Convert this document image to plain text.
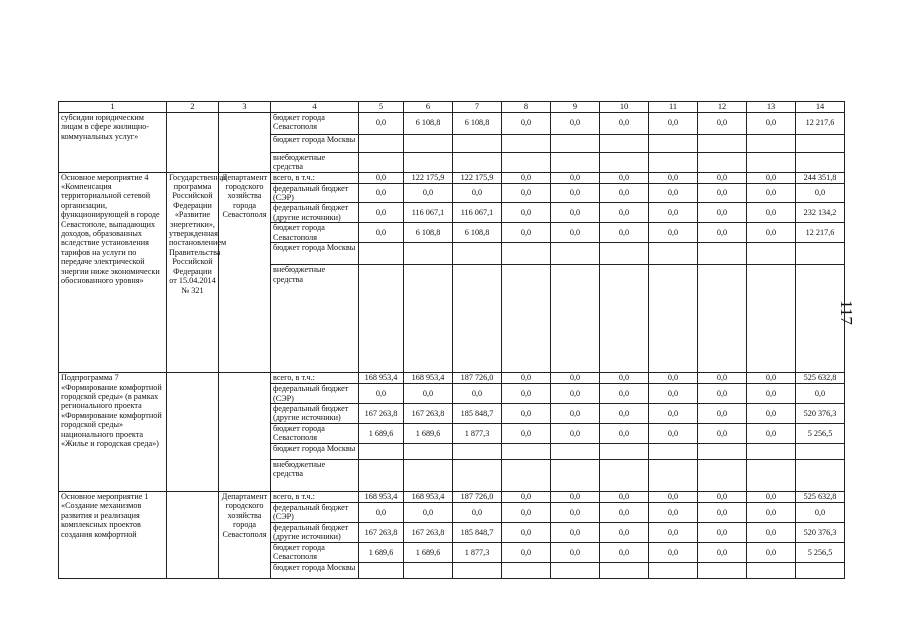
117
1	2	3	4	5	6	7	8	9	10	11	12	13	14
субсидии юридическим лицам в сфере жилищно-коммунальных услуг»			бюджет города Севастополя	0,0	6 108,8	6 108,8	0,0	0,0	0,0	0,0	0,0	0,0	12 217,6
			бюджет города Москвы										
			внебюджетные средства										
Основное мероприятие 4 «Компенсация территориальной сетевой организации, функционирующей в городе Севастополе, выпадающих доходов, образованных вследствие установления тарифов на услуги по передаче электрической энергии ниже экономически обоснованного уровня»	Государственная программа Российской Федерации «Развитие энергетики», утвержденная постановлением Правительства Российской Федерации от 15.04.2014 № 321	Департамент городского хозяйства города Севастополя	всего, в т.ч.:	0,0	122 175,9	122 175,9	0,0	0,0	0,0	0,0	0,0	0,0	244 351,8
			федеральный бюджет (СЭР)	0,0	0,0	0,0	0,0	0,0	0,0	0,0	0,0	0,0	0,0
			федеральный бюджет (другие источники)	0,0	116 067,1	116 067,1	0,0	0,0	0,0	0,0	0,0	0,0	232 134,2
			бюджет города Севастополя	0,0	6 108,8	6 108,8	0,0	0,0	0,0	0,0	0,0	0,0	12 217,6
			бюджет города Москвы										
			внебюджетные средства										
Подпрограмма 7 «Формирование комфортной городской среды» (в рамках регионального проекта «Формирование комфортной городской среды» национального проекта «Жилье и городская среда»)			всего, в т.ч.:	168 953,4	168 953,4	187 726,0	0,0	0,0	0,0	0,0	0,0	0,0	525 632,8
			федеральный бюджет (СЭР)	0,0	0,0	0,0	0,0	0,0	0,0	0,0	0,0	0,0	0,0
			федеральный бюджет (другие источники)	167 263,8	167 263,8	185 848,7	0,0	0,0	0,0	0,0	0,0	0,0	520 376,3
			бюджет города Севастополя	1 689,6	1 689,6	1 877,3	0,0	0,0	0,0	0,0	0,0	0,0	5 256,5
			бюджет города Москвы										
			внебюджетные средства										
Основное мероприятие 1 «Создание механизмов развития и реализация комплексных проектов создания комфортной		Департамент городского хозяйства города Севастополя	всего, в т.ч.:	168 953,4	168 953,4	187 726,0	0,0	0,0	0,0	0,0	0,0	0,0	525 632,8
			федеральный бюджет (СЭР)	0,0	0,0	0,0	0,0	0,0	0,0	0,0	0,0	0,0	0,0
			федеральный бюджет (другие источники)	167 263,8	167 263,8	185 848,7	0,0	0,0	0,0	0,0	0,0	0,0	520 376,3
			бюджет города Севастополя	1 689,6	1 689,6	1 877,3	0,0	0,0	0,0	0,0	0,0	0,0	5 256,5
			бюджет города Москвы										
